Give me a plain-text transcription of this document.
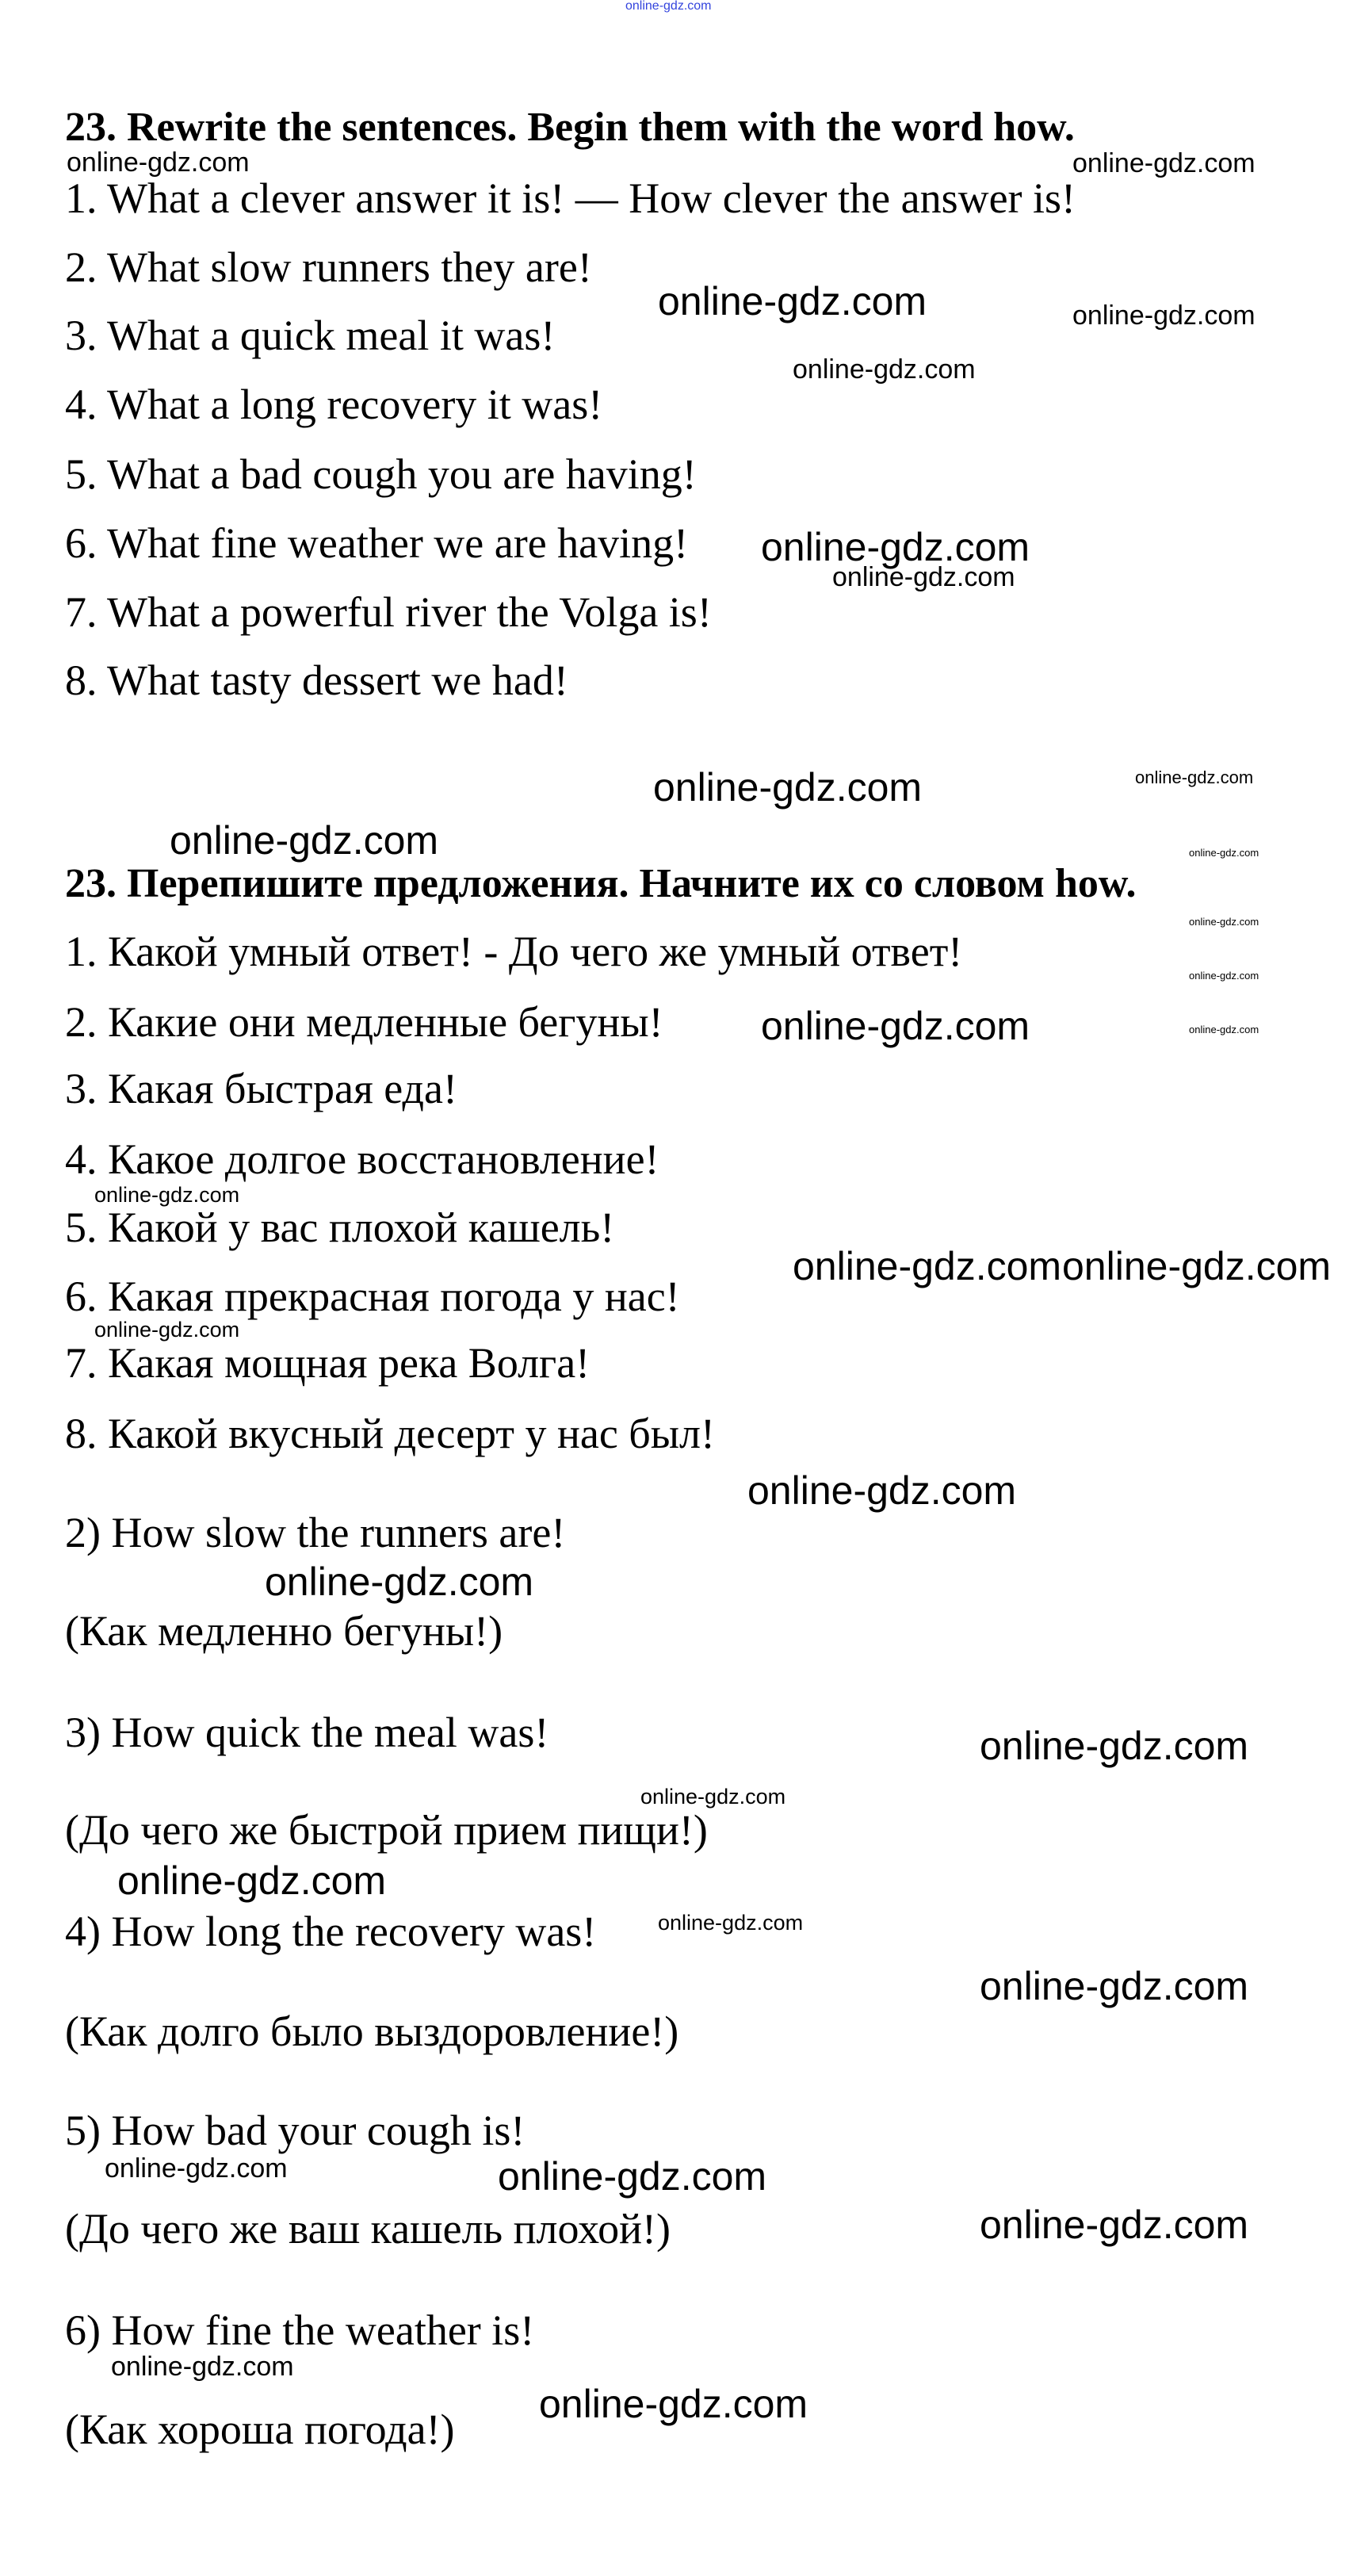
online-gdz.com
23. Rewrite the sentences. Begin them with the word how.
1. What a clever answer it is! — How clever the answer is!
2. What slow runners they are!
3. What a quick meal it was!
4. What a long recovery it was!
5. What a bad cough you are having!
6. What fine weather we are having!
7. What a powerful river the Volga is!
8. What tasty dessert we had!
23. Перепишите предложения. Начните их со словом how.
1. Какой умный ответ! - До чего же умный ответ!
2. Какие они медленные бегуны!
3. Какая быстрая еда!
4. Какое долгое восстановление!
5. Какой у вас плохой кашель!
6. Какая прекрасная погода у нас!
7. Какая мощная река Волга!
8. Какой вкусный десерт у нас был!
2) How slow the runners are!
(Как медленно бегуны!)
3) How quick the meal was!
(До чего же быстрой прием пищи!)
4) How long the recovery was!
(Как долго было выздоровление!)
5) How bad your cough is!
(До чего же ваш кашель плохой!)
6) How fine the weather is!
(Как хороша погода!)
online-gdz.com	online-gdz.com
online-gdz.com	online-gdz.com
online-gdz.com
online-gdz.com
online-gdz.com
online-gdz.com	online-gdz.com
online-gdz.com	online-gdz.com
online-gdz.com
online-gdz.com
online-gdz.com	online-gdz.com
online-gdz.com
online-gdz.com online-gdz.com
online-gdz.com
online-gdz.com
online-gdz.com
online-gdz.com
online-gdz.com
online-gdz.com
online-gdz.com
online-gdz.com
online-gdz.com	online-gdz.com
online-gdz.com
online-gdz.com
online-gdz.com
